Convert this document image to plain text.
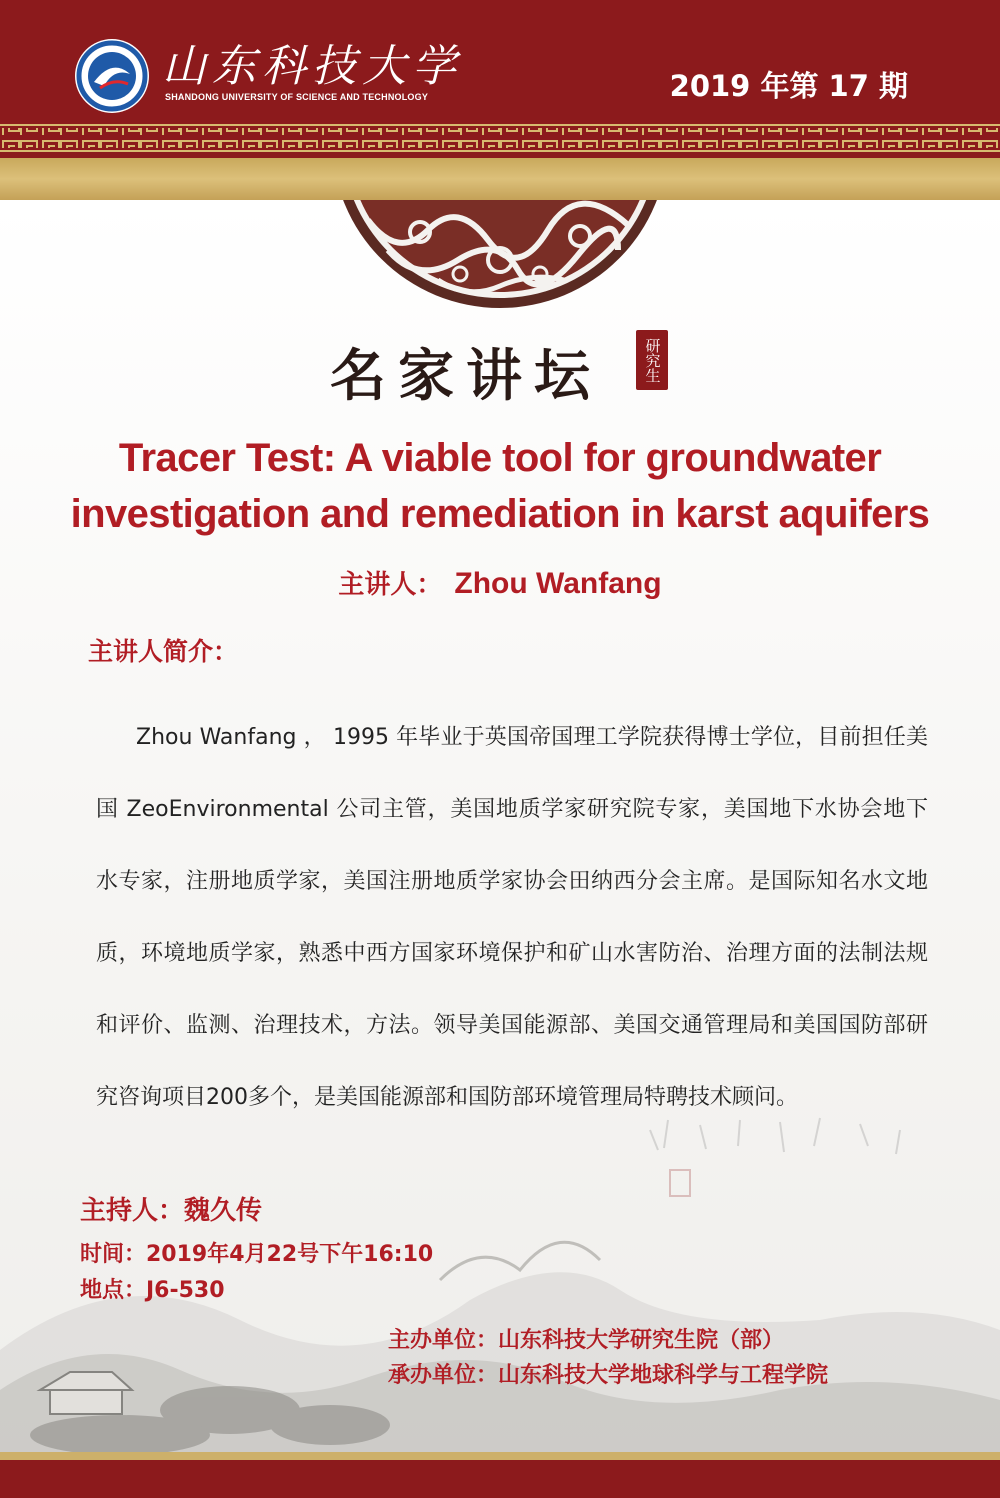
山东科技大学
SHANDONG UNIVERSITY OF SCIENCE AND TECHNOLOGY	2019 年第 17 期
名家讲坛	研究生
Tracer Test: A viable tool for groundwater investigation and remediation in karst aquifers
主讲人： Zhou Wanfang
主讲人简介：

Zhou Wanfang ， 1995 年毕业于英国帝国理工学院获得博士学位，目前担任美国 ZeoEnvironmental 公司主管，美国地质学家研究院专家，美国地下水协会地下水专家，注册地质学家，美国注册地质学家协会田纳西分会主席。是国际知名水文地质，环境地质学家，熟悉中西方国家环境保护和矿山水害防治、治理方面的法制法规和评价、监测、治理技术，方法。领导美国能源部、美国交通管理局和美国国防部研究咨询项目200多个，是美国能源部和国防部环境管理局特聘技术顾问。

主持人：魏久传
时间：2019年4月22号下午16:10
地点：J6-530
主办单位：山东科技大学研究生院（部）
承办单位：山东科技大学地球科学与工程学院
